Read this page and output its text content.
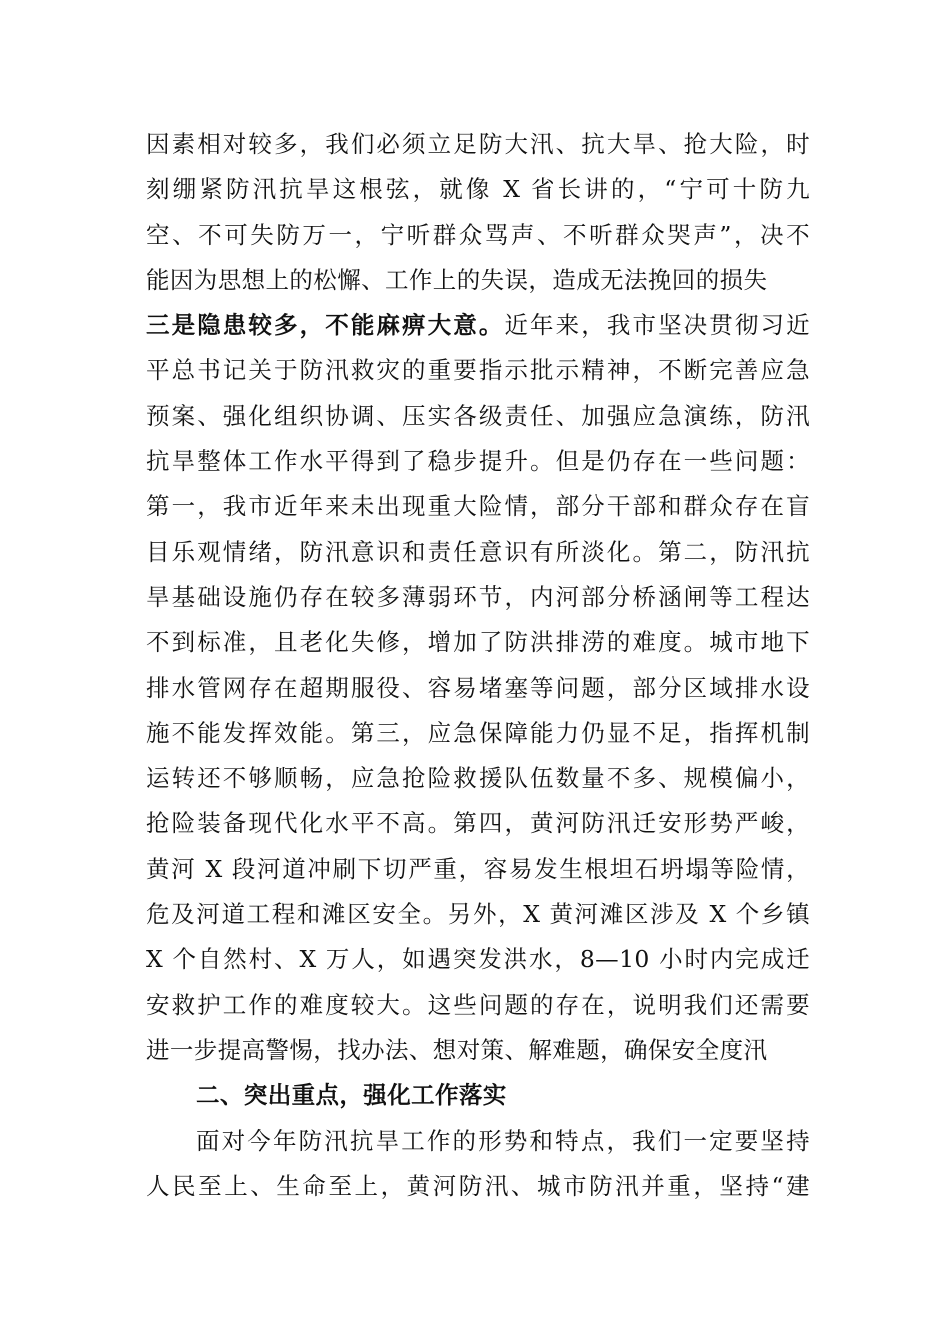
因素相对较多，我们必须立足防大汛、抗大旱、抢大险，时
刻绷紧防汛抗旱这根弦，就像 X 省长讲的，“宁可十防九
空、不可失防万一，宁听群众骂声、不听群众哭声”，决不
能因为思想上的松懈、工作上的失误，造成无法挽回的损失
三是隐患较多，不能麻痹大意。近年来，我市坚决贯彻习近
平总书记关于防汛救灾的重要指示批示精神，不断完善应急
预案、强化组织协调、压实各级责任、加强应急演练，防汛
抗旱整体工作水平得到了稳步提升。但是仍存在一些问题：
第一，我市近年来未出现重大险情，部分干部和群众存在盲
目乐观情绪，防汛意识和责任意识有所淡化。第二，防汛抗
旱基础设施仍存在较多薄弱环节，内河部分桥涵闸等工程达
不到标准，且老化失修，增加了防洪排涝的难度。城市地下
排水管网存在超期服役、容易堵塞等问题，部分区域排水设
施不能发挥效能。第三，应急保障能力仍显不足，指挥机制
运转还不够顺畅，应急抢险救援队伍数量不多、规模偏小，
抢险装备现代化水平不高。第四，黄河防汛迁安形势严峻，
黄河 X 段河道冲刷下切严重，容易发生根坦石坍塌等险情，
危及河道工程和滩区安全。另外，X 黄河滩区涉及 X 个乡镇
X 个自然村、X 万人，如遇突发洪水，8—10 小时内完成迁
安救护工作的难度较大。这些问题的存在，说明我们还需要
进一步提高警惕，找办法、想对策、解难题，确保安全度汛
二、突出重点，强化工作落实
面对今年防汛抗旱工作的形势和特点，我们一定要坚持
人民至上、生命至上，黄河防汛、城市防汛并重，坚持“建
